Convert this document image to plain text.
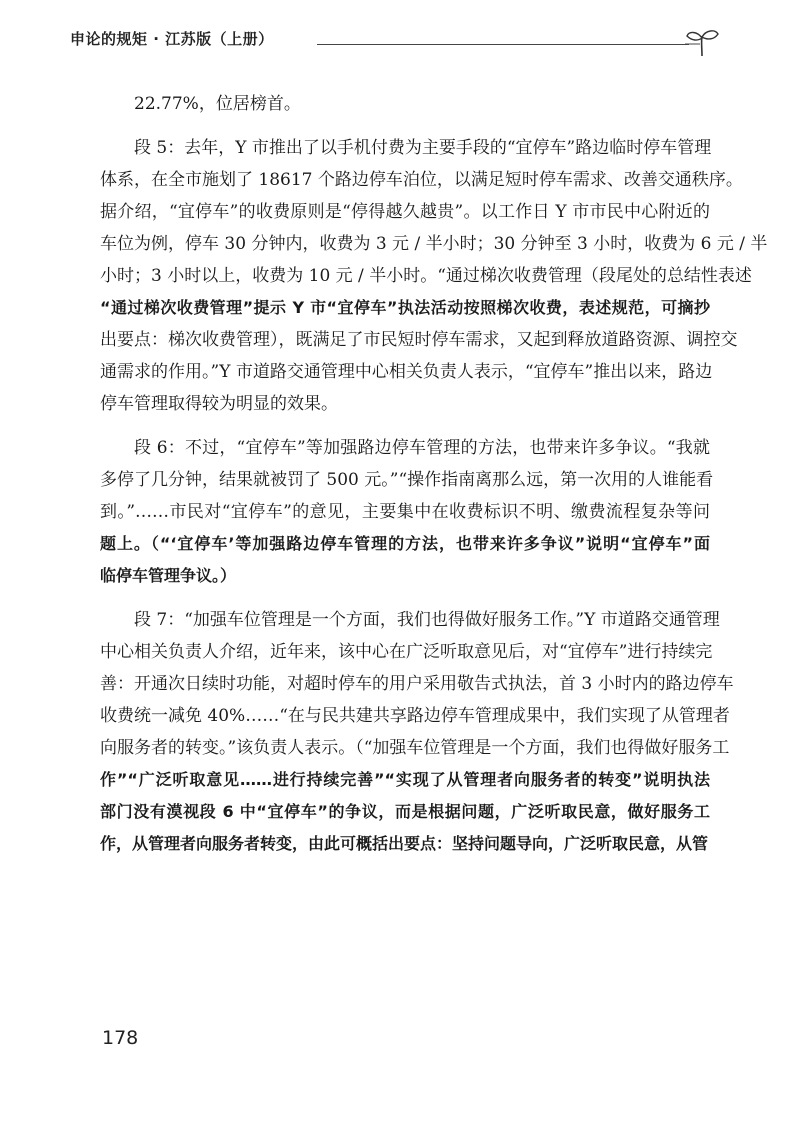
申论的规矩 · 江苏版（上册）
22.77%，位居榜首。
段 5：去年，Y 市推出了以手机付费为主要手段的“宜停车”路边临时停车管理
体系，在全市施划了 18617 个路边停车泊位，以满足短时停车需求、改善交通秩序。
据介绍，“宜停车”的收费原则是“停得越久越贵”。以工作日 Y 市市民中心附近的
车位为例，停车 30 分钟内，收费为 3 元 / 半小时；30 分钟至 3 小时，收费为 6 元 / 半
小时；3 小时以上，收费为 10 元 / 半小时。“通过梯次收费管理（段尾处的总结性表述
“通过梯次收费管理”提示 Y 市“宜停车”执法活动按照梯次收费，表述规范，可摘抄
出要点：梯次收费管理），既满足了市民短时停车需求，又起到释放道路资源、调控交
通需求的作用。”Y 市道路交通管理中心相关负责人表示，“宜停车”推出以来，路边
停车管理取得较为明显的效果。
段 6：不过，“宜停车”等加强路边停车管理的方法，也带来许多争议。“我就
多停了几分钟，结果就被罚了 500 元。”“操作指南离那么远，第一次用的人谁能看
到。”……市民对“宜停车”的意见，主要集中在收费标识不明、缴费流程复杂等问
题上。（“‘宜停车’等加强路边停车管理的方法，也带来许多争议”说明“宜停车”面
临停车管理争议。）
段 7：“加强车位管理是一个方面，我们也得做好服务工作。”Y 市道路交通管理
中心相关负责人介绍，近年来，该中心在广泛听取意见后，对“宜停车”进行持续完
善：开通次日续时功能，对超时停车的用户采用敬告式执法，首 3 小时内的路边停车
收费统一减免 40%……“在与民共建共享路边停车管理成果中，我们实现了从管理者
向服务者的转变。”该负责人表示。（“加强车位管理是一个方面，我们也得做好服务工
作”“广泛听取意见……进行持续完善”“实现了从管理者向服务者的转变”说明执法
部门没有漠视段 6 中“宜停车”的争议，而是根据问题，广泛听取民意，做好服务工
作，从管理者向服务者转变，由此可概括出要点：坚持问题导向，广泛听取民意，从管
178
